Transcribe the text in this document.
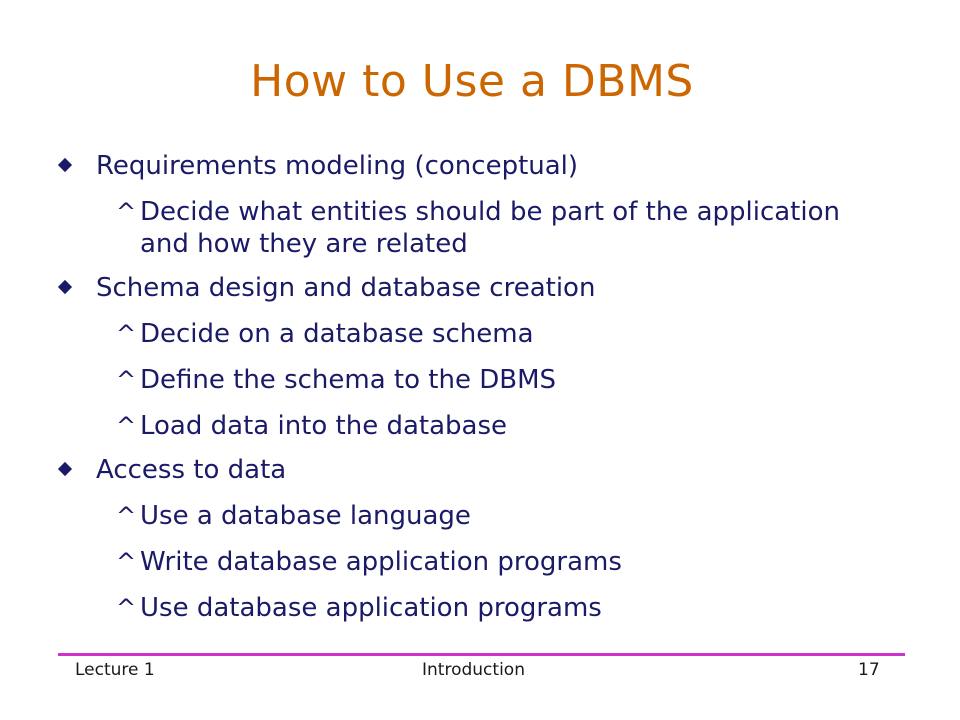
How to Use a DBMS
Requirements modeling (conceptual)
^ Decide what entities should be part of the application and how they are related
Schema design and database creation
^ Decide on a database schema
^ Define the schema to the DBMS
^ Load data into the database
Access to data
^ Use a database language
^ Write database application programs
^ Use database application programs
Lecture 1	Introduction	17
